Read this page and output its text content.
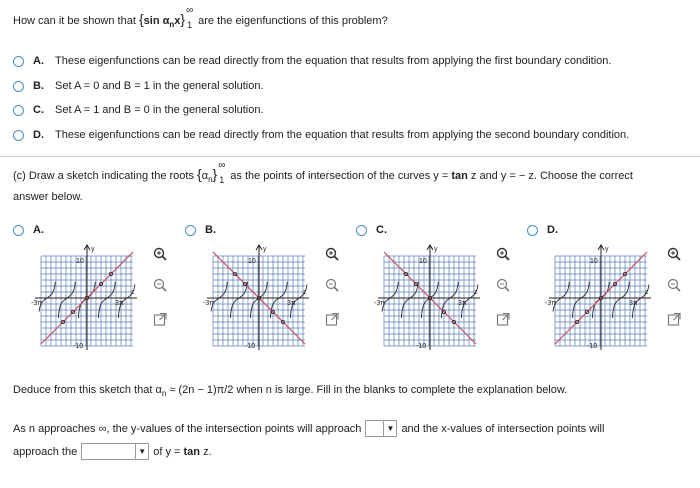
How can it be shown that {sin $\alpha_nx$}
∞
1 are the eigenfunctions of this problem?
A.	These eigenfunctions can be read directly from the equation that results from applying the first boundary condition.
B.	Set A = 0 and B = 1 in the general solution.
C.	Set A = 1 and B = 0 in the general solution.
D.	These eigenfunctions can be read directly from the equation that results from applying the second boundary condition.
(c) Draw a sketch indicating the roots $\{\alpha_n\}$
∞
1 as the points of intersection of the curves y = tan z and y = − z. Choose the correct
answer below.
A.
y
z
10
-10
-3π	3π
B.
y
z
10
-10
-3π	3π
C.
y
z
10
-10
-3π	3π
D.
y
z
10
-10
-3π	3π
Deduce from this sketch that $\alpha_n \approx (2n - 1)\pi/2$ when n is large. Fill in the blanks to complete the explanation below.
As n approaches ∞, the y-values of the intersection points will approach	▼ and the x-values of intersection points will
approach the	▼ of y =
tan
z.
